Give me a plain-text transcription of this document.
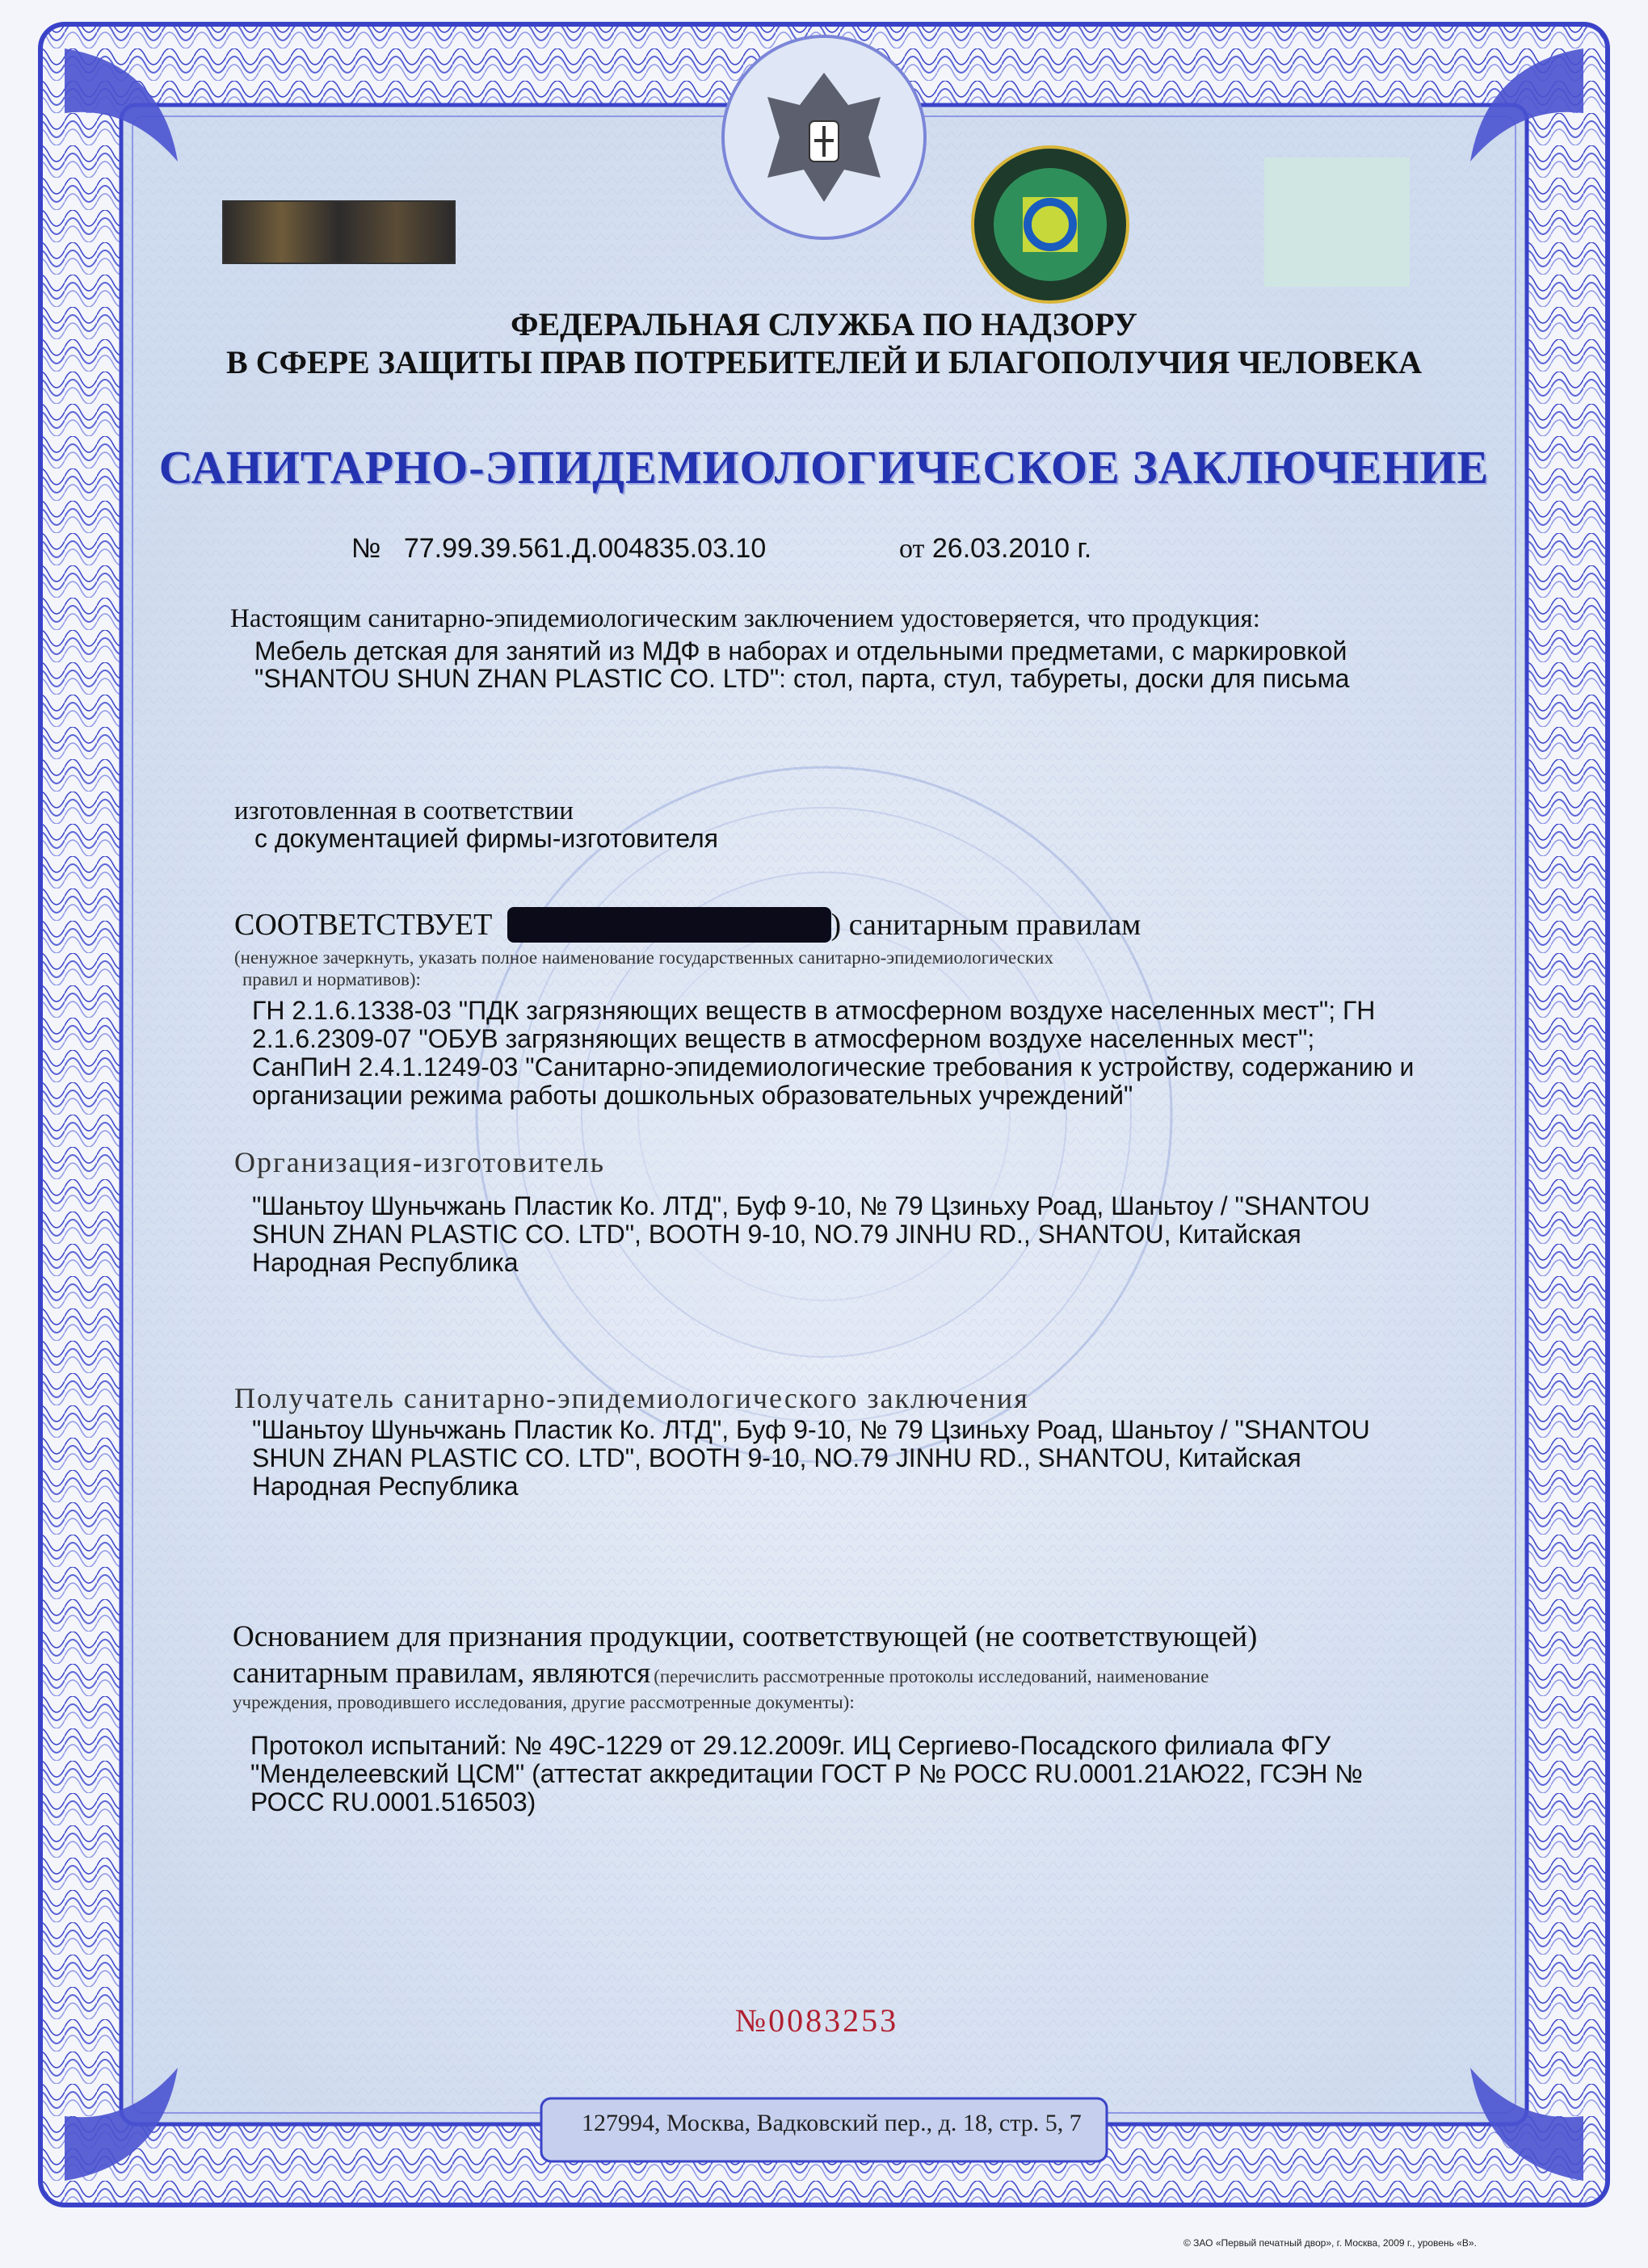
ФЕДЕРАЛЬНАЯ СЛУЖБА ПО НАДЗОРУ
В СФЕРЕ ЗАЩИТЫ ПРАВ ПОТРЕБИТЕЛЕЙ И БЛАГОПОЛУЧИЯ ЧЕЛОВЕКА
САНИТАРНО-ЭПИДЕМИОЛОГИЧЕСКОЕ ЗАКЛЮЧЕНИЕ
№ 77.99.39.561.Д.004835.03.10	от 26.03.2010 г.
Настоящим санитарно-эпидемиологическим заключением удостоверяется, что продукция:
Мебель детская для занятий из МДФ в наборах и отдельными предметами, с маркировкой
"SHANTOU SHUN ZHAN PLASTIC CO. LTD": стол, парта, стул, табуреты, доски для письма
изготовленная в соответствии
с документацией фирмы-изготовителя
СООТВЕТСТВУЕТ	) санитарным правилам
(ненужное зачеркнуть, указать полное наименование государственных санитарно-эпидемиологических
правил и нормативов):
ГН 2.1.6.1338-03 "ПДК загрязняющих веществ в атмосферном воздухе населенных мест"; ГН
2.1.6.2309-07 "ОБУВ загрязняющих веществ в атмосферном воздухе населенных мест";
СанПиН 2.4.1.1249-03 "Санитарно-эпидемиологические требования к устройству, содержанию и
организации режима работы дошкольных образовательных учреждений"
Организация-изготовитель
"Шаньтоу Шуньчжань Пластик Ко. ЛТД", Буф 9-10, № 79 Цзиньху Роад, Шаньтоу / "SHANTOU
SHUN ZHAN PLASTIC CO. LTD", BOOTH 9-10, NO.79 JINHU RD., SHANTOU, Китайская
Народная Республика
Получатель санитарно-эпидемиологического заключения
"Шаньтоу Шуньчжань Пластик Ко. ЛТД", Буф 9-10, № 79 Цзиньху Роад, Шаньтоу / "SHANTOU
SHUN ZHAN PLASTIC CO. LTD", BOOTH 9-10, NO.79 JINHU RD., SHANTOU, Китайская
Народная Республика
Основанием для признания продукции, соответствующей (не соответствующей)
санитарным правилам, являются (перечислить рассмотренные протоколы исследований, наименование
учреждения, проводившего исследования, другие рассмотренные документы):
Протокол испытаний: № 49С-1229 от 29.12.2009г. ИЦ Сергиево-Посадского филиала ФГУ
"Менделеевский ЦСМ" (аттестат аккредитации ГОСТ Р № РОСС RU.0001.21АЮ22, ГСЭН №
РОСС RU.0001.516503)
№0083253
127994, Москва, Вадковский пер., д. 18, стр. 5, 7
© ЗАО «Первый печатный двор», г. Москва, 2009 г., уровень «В».
